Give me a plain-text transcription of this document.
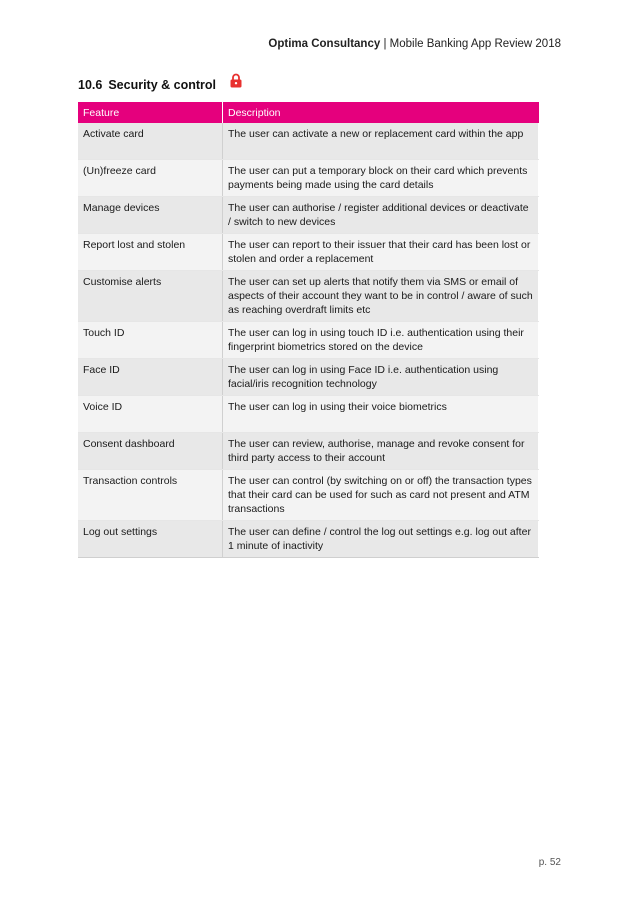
Optima Consultancy | Mobile Banking App Review 2018
10.6 Security & control
Feature	Description
Activate card	The user can activate a new or replacement card within the app
(Un)freeze card	The user can put a temporary block on their card which prevents payments being made using the card details
Manage devices	The user can authorise / register additional devices or deactivate / switch to new devices
Report lost and stolen	The user can report to their issuer that their card has been lost or stolen and order a replacement
Customise alerts	The user can set up alerts that notify them via SMS or email of aspects of their account they want to be in control / aware of such as reaching overdraft limits etc
Touch ID	The user can log in using touch ID i.e. authentication using their fingerprint biometrics stored on the device
Face ID	The user can log in using Face ID i.e. authentication using facial/iris recognition technology
Voice ID	The user can log in using their voice biometrics
Consent dashboard	The user can review, authorise, manage and revoke consent for third party access to their account
Transaction controls	The user can control (by switching on or off) the transaction types that their card can be used for such as card not present and ATM transactions
Log out settings	The user can define / control the log out settings e.g. log out after 1 minute of inactivity
p. 52
